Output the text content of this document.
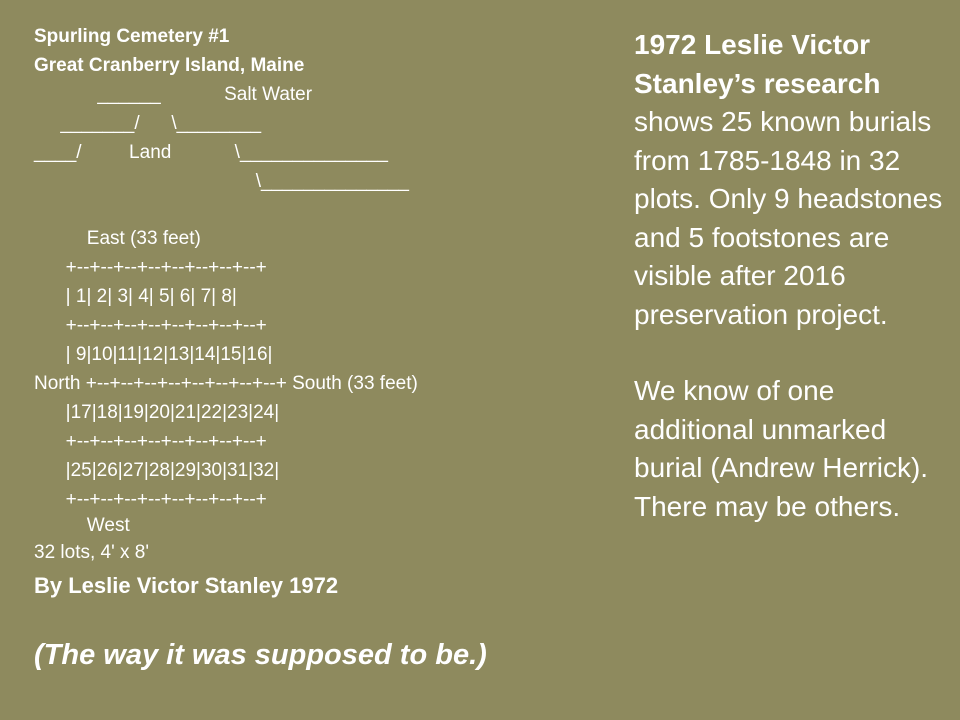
Spurling Cemetery #1
Great Cranberry Island, Maine
______            Salt Water
_______/      \________
____/         Land            \______________
\______________
East (33 feet)
+--+--+--+--+--+--+--+--+
| 1| 2| 3| 4| 5| 6| 7| 8|
+--+--+--+--+--+--+--+--+
| 9|10|11|12|13|14|15|16|
North +--+--+--+--+--+--+--+--+ South (33 feet)
|17|18|19|20|21|22|23|24|
+--+--+--+--+--+--+--+--+
|25|26|27|28|29|30|31|32|
+--+--+--+--+--+--+--+--+
West
32 lots, 4' x 8'
By Leslie Victor Stanley 1972
(The way it was supposed to be.)

1972 Leslie Victor Stanley’s research shows 25 known burials from 1785-1848 in 32 plots. Only 9 headstones and 5 footstones are visible after 2016 preservation project.

We know of one additional unmarked burial (Andrew Herrick). There may be others.
